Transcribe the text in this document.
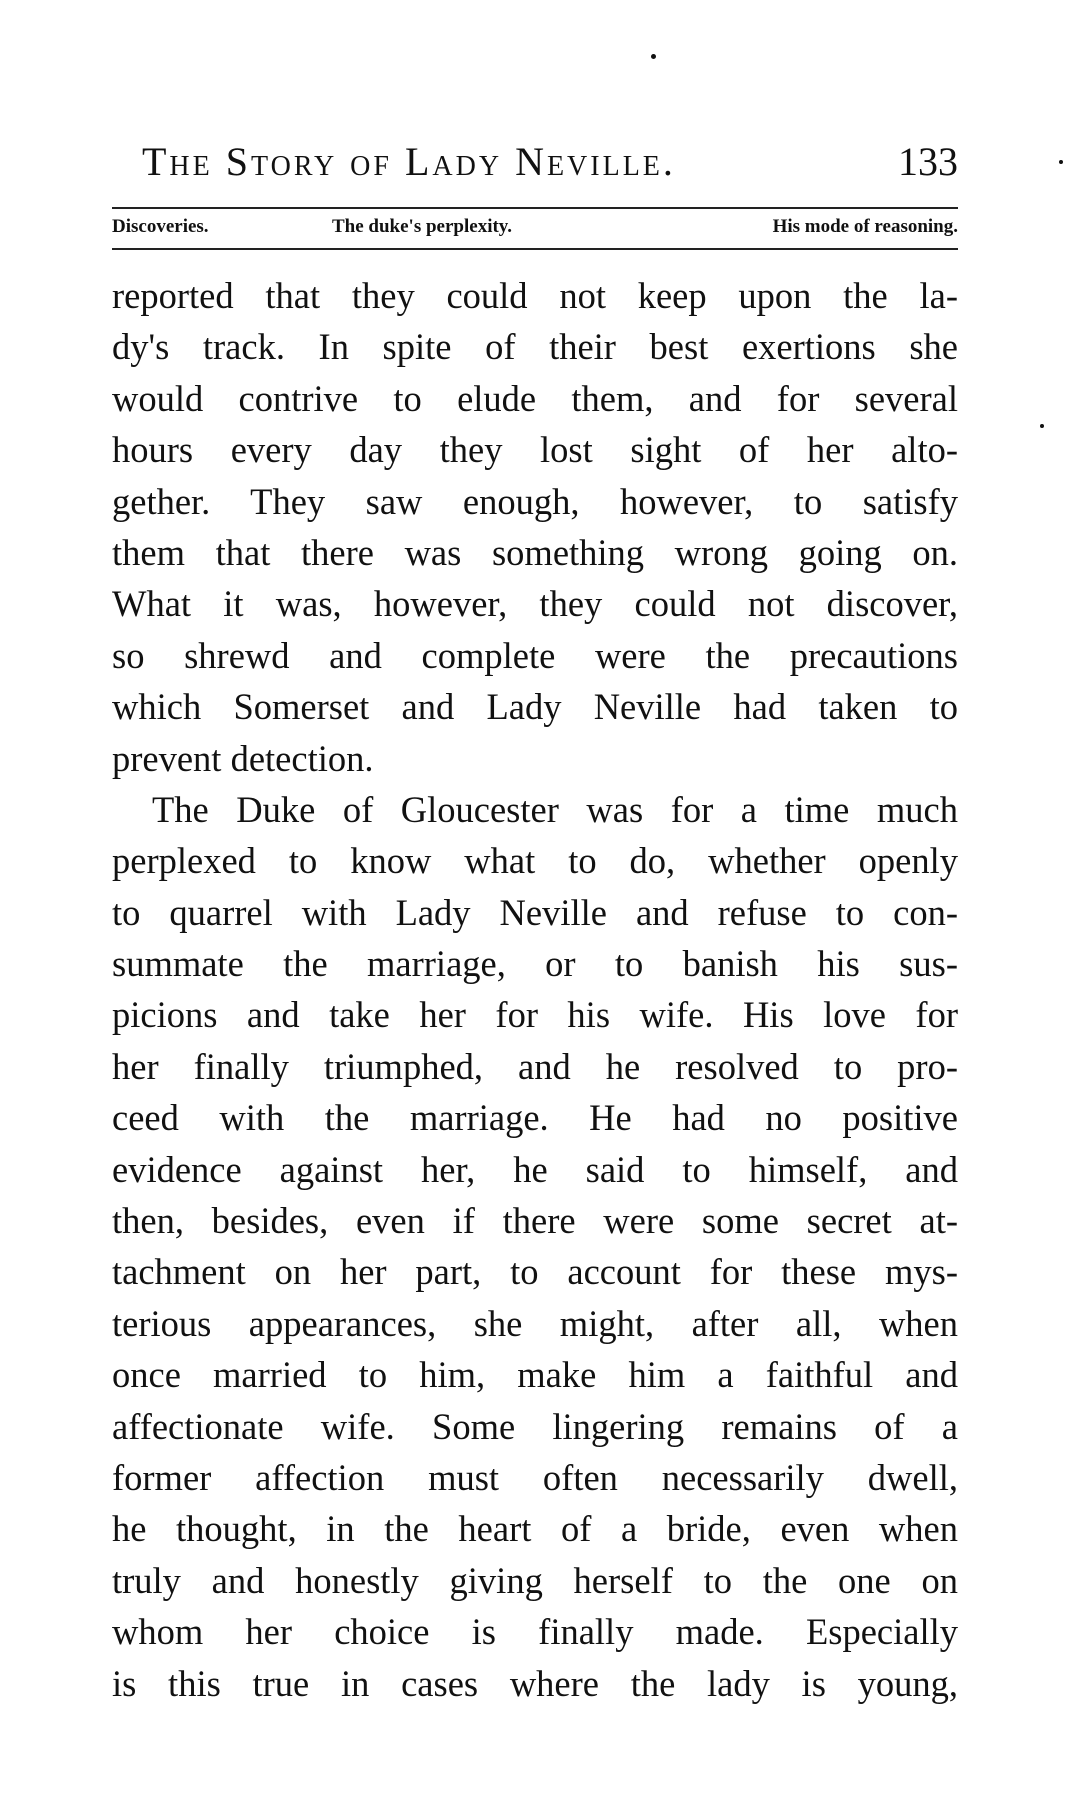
The Story of Lady Neville.	133
Discoveries.	The duke's perplexity.	His mode of reasoning.
reported that they could not keep upon the la-
dy's track. In spite of their best exertions she
would contrive to elude them, and for several
hours every day they lost sight of her alto-
gether. They saw enough, however, to satisfy
them that there was something wrong going on.
What it was, however, they could not discover,
so shrewd and complete were the precautions
which Somerset and Lady Neville had taken to
prevent detection.
The Duke of Gloucester was for a time much
perplexed to know what to do, whether openly
to quarrel with Lady Neville and refuse to con-
summate the marriage, or to banish his sus-
picions and take her for his wife. His love for
her finally triumphed, and he resolved to pro-
ceed with the marriage. He had no positive
evidence against her, he said to himself, and
then, besides, even if there were some secret at-
tachment on her part, to account for these mys-
terious appearances, she might, after all, when
once married to him, make him a faithful and
affectionate wife. Some lingering remains of a
former affection must often necessarily dwell,
he thought, in the heart of a bride, even when
truly and honestly giving herself to the one on
whom her choice is finally made. Especially
is this true in cases where the lady is young,
